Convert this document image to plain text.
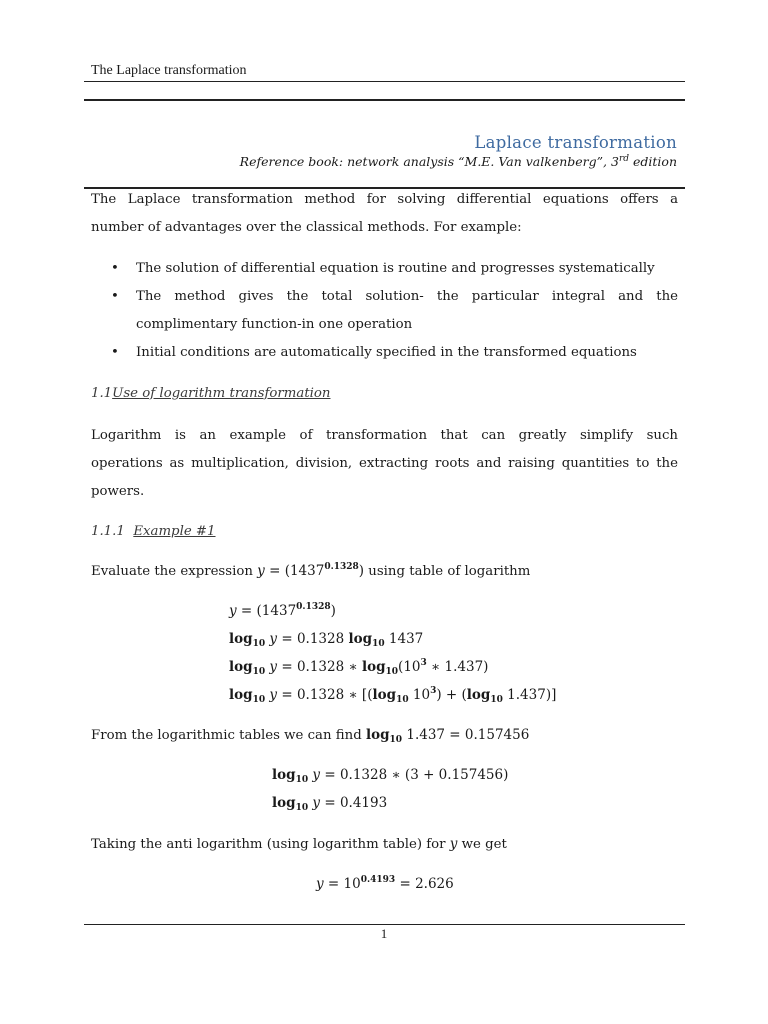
The Laplace transformation
Laplace transformation
Reference book: network analysis “M.E. Van valkenberg”, 3rd edition
The Laplace transformation method for solving differential equations offers a
number of advantages over the classical methods. For example:
• The solution of differential equation is routine and progresses systematically
• The method gives the total solution- the particular integral and the complimentary function-in one operation
• Initial conditions are automatically specified in the transformed equations
1.1Use of logarithm transformation
Logarithm is an example of transformation that can greatly simplify such
operations as multiplication, division, extracting roots and raising quantities to the
powers.
1.1.1 Example #1
Evaluate the expression $y = (1437^{0.1328})$ using table of logarithm
$y = (1437^{0.1328})$
$\log_{10} y = 0.1328$ $\log_{10} 1437$
$\log_{10} y = 0.1328$ ∗ $\log_{10}(10^3$ ∗ 1.437)
$\log_{10} y = 0.1328$ ∗ [($\log_{10}$ $10^3) + (\log_{10}$ 1.437)]
From the logarithmic tables we can find $\log_{10} 1.437 = 0.157456$
$\log_{10} y = 0.1328$ ∗ (3 + 0.157456)
$\log_{10} y = 0.4193$
Taking the anti logarithm (using logarithm table) for y we get
$y = 10^{0.4193} = 2.626$
1
